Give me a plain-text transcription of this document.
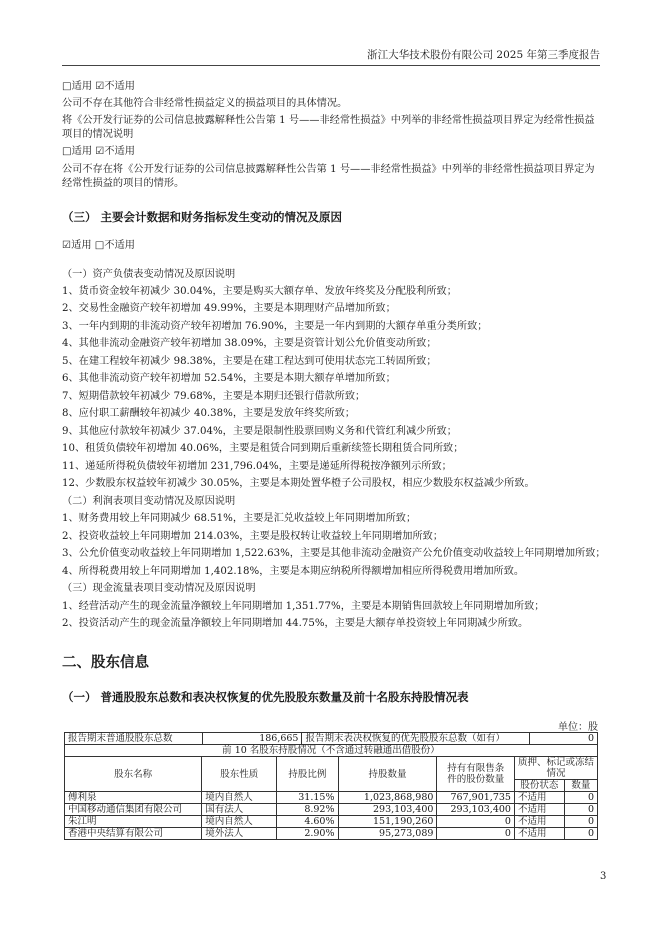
浙江大华技术股份有限公司 2025 年第三季度报告
□适用 ☑不适用
公司不存在其他符合非经常性损益定义的损益项目的具体情况。
将《公开发行证券的公司信息披露解释性公告第 1 号——非经常性损益》中列举的非经常性损益项目界定为经常性损益
项目的情况说明
□适用 ☑不适用
公司不存在将《公开发行证券的公司信息披露解释性公告第 1 号——非经常性损益》中列举的非经常性损益项目界定为
经常性损益的项目的情形。
（三） 主要会计数据和财务指标发生变动的情况及原因
☑适用 □不适用
（一）资产负债表变动情况及原因说明
1、货币资金较年初减少 30.04%，主要是购买大额存单、发放年终奖及分配股利所致；
2、交易性金融资产较年初增加 49.99%，主要是本期理财产品增加所致；
3、一年内到期的非流动资产较年初增加 76.90%，主要是一年内到期的大额存单重分类所致；
4、其他非流动金融资产较年初增加 38.09%，主要是资管计划公允价值变动所致；
5、在建工程较年初减少 98.38%，主要是在建工程达到可使用状态完工转固所致；
6、其他非流动资产较年初增加 52.54%，主要是本期大额存单增加所致；
7、短期借款较年初减少 79.68%，主要是本期归还银行借款所致；
8、应付职工薪酬较年初减少 40.38%，主要是发放年终奖所致；
9、其他应付款较年初减少 37.04%，主要是限制性股票回购义务和代管红利减少所致；
10、租赁负债较年初增加 40.06%，主要是租赁合同到期后重新续签长期租赁合同所致；
11、递延所得税负债较年初增加 231,796.04%，主要是递延所得税按净额列示所致；
12、少数股东权益较年初减少 30.05%，主要是本期处置华橙子公司股权，相应少数股东权益减少所致。
（二）利润表项目变动情况及原因说明
1、财务费用较上年同期减少 68.51%，主要是汇兑收益较上年同期增加所致；
2、投资收益较上年同期增加 214.03%，主要是股权转让收益较上年同期增加所致；
3、公允价值变动收益较上年同期增加 1,522.63%，主要是其他非流动金融资产公允价值变动收益较上年同期增加所致；
4、所得税费用较上年同期增加 1,402.18%，主要是本期应纳税所得额增加相应所得税费用增加所致。
（三）现金流量表项目变动情况及原因说明
1、经营活动产生的现金流量净额较上年同期增加 1,351.77%，主要是本期销售回款较上年同期增加所致；
2、投资活动产生的现金流量净额较上年同期增加 44.75%，主要是大额存单投资较上年同期减少所致。
二、股东信息
（一） 普通股股东总数和表决权恢复的优先股股东数量及前十名股东持股情况表
单位：股
报告期末普通股股东总数	186,665	报告期末表决权恢复的优先股股东总数（如有）	0
前 10 名股东持股情况（不含通过转融通出借股份）						
股东名称	股东性质	持股比例	持股数量	持有有限售条
件的股份数量	质押、标记或冻结
情况	
					股份状态	数量
傅利泉	境内自然人	31.15%	1,023,868,980	767,901,735	不适用	0
中国移动通信集团有限公司	国有法人	8.92%	293,103,400	293,103,400	不适用	0
朱江明	境内自然人	4.60%	151,190,260	0	不适用	0
香港中央结算有限公司	境外法人	2.90%	95,273,089	0	不适用	0
3
